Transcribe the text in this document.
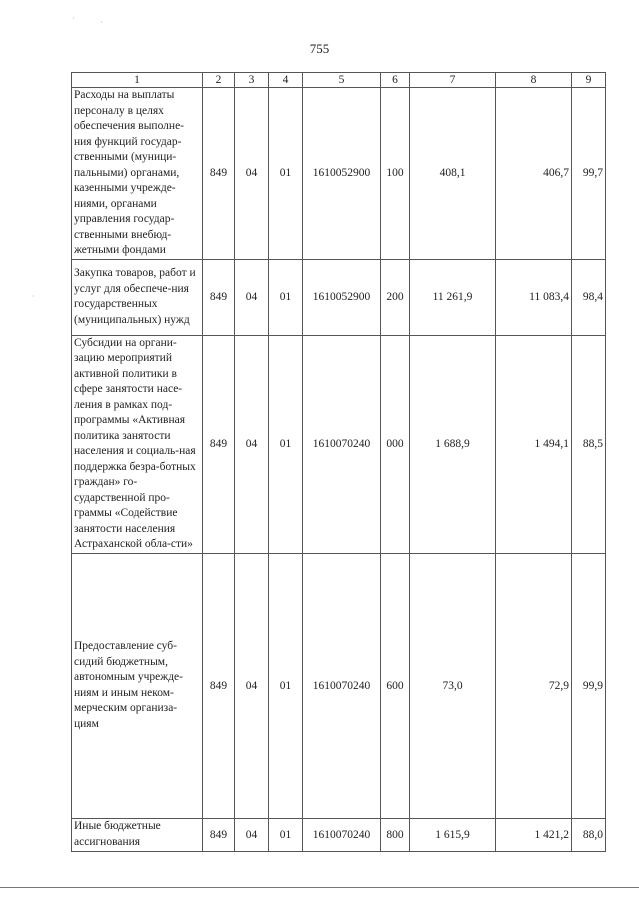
·	·
·
755
1	2	3	4	5	6	7	8	9
Расходы на выплаты персоналу в целях обеспечения выполне-ния функций государ-ственными (муници-пальными) органами, казенными учрежде-ниями, органами управления государ-ственными внебюд-жетными фондами	849	04	01	1610052900	100	408,1	406,7	99,7
Закупка товаров, работ и услуг для обеспече-ния государственных (муниципальных) нужд	849	04	01	1610052900	200	11 261,9	11 083,4	98,4
Субсидии на органи-зацию мероприятий активной политики в сфере занятости насе-ления в рамках под-программы «Активная политика занятости населения и социаль-ная поддержка безра-ботных граждан» го-сударственной про-граммы «Содействие занятости населения Астраханской обла-сти»	849	04	01	1610070240	000	1 688,9	1 494,1	88,5
Предоставление суб-сидий бюджетным, автономным учрежде-ниям и иным неком-мерческим организа-циям	849	04	01	1610070240	600	73,0	72,9	99,9
Иные бюджетные ассигнования	849	04	01	1610070240	800	1 615,9	1 421,2	88,0
